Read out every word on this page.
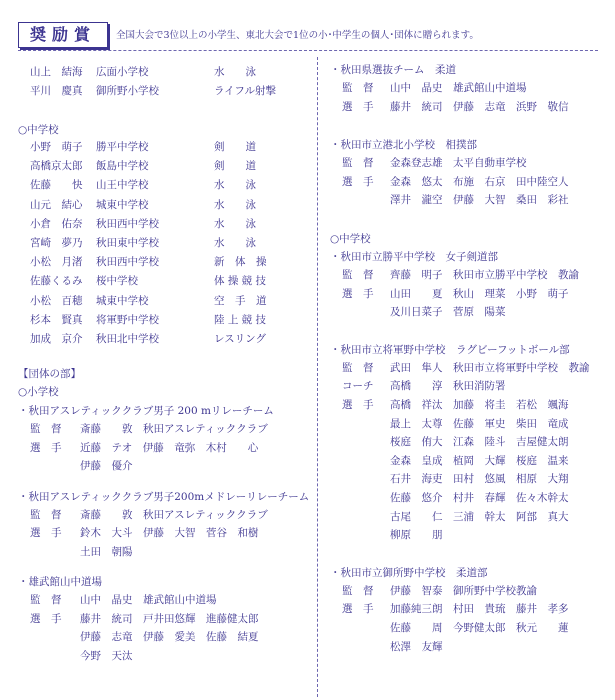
奨励賞	全国大会で3位以上の小学生、東北大会で1位の小･中学生の個人･団体に贈られます。
山上　結海 広面小学校	水　　泳
平川　慶真 御所野小学校	ライフル射撃
○中学校
小野　萌子 勝平中学校	剣　　道
高橋京太郎 飯島中学校	剣　　道
佐藤　　快 山王中学校	水　　泳
山元　結心 城東中学校	水　　泳
小倉　佑奈 秋田西中学校	水　　泳
宮崎　夢乃 秋田東中学校	水　　泳
小松　月渚 秋田西中学校	新　体　操
佐藤くるみ 桜中学校	体 操 競 技
小松　百穂 城東中学校	空　手　道
杉本　賢真 将軍野中学校	陸 上 競 技
加成　京介 秋田北中学校	レスリング
【団体の部】
○小学校
・秋田アスレティッククラブ男子 200 mリレーチーム
監　督 斎藤　　敦　秋田アスレティッククラブ
選　手 近藤　テオ　伊藤　竜弥　木村　　心
伊藤　優介
・秋田アスレティッククラブ男子200mメドレーリレーチーム
監　督 斎藤　　敦　秋田アスレティッククラブ
選　手 鈴木　大斗　伊藤　大智　菅谷　和樹
土田　朝陽
・雄武館山中道場
監　督 山中　晶史　雄武館山中道場
選　手 藤井　統司　戸井田悠輝　進藤健太郎
伊藤　志竜　伊藤　愛美　佐藤　結夏
今野　天汰
・秋田県選抜チーム　柔道
監　督 山中　晶史　雄武館山中道場
選　手 藤井　統司　伊藤　志竜　浜野　敬信
・秋田市立港北小学校　相撲部
監　督 金森登志雄　太平自動車学校
選　手 金森　悠太　布施　右京　田中陸空人
澤井　瀧空　伊藤　大智　桑田　彩社
○中学校
・秋田市立勝平中学校　女子剣道部
監　督 齊藤　明子　秋田市立勝平中学校　教諭
選　手 山田　　夏　秋山　理菜　小野　萌子
及川日菜子　菅原　陽菜
・秋田市立将軍野中学校　ラグビーフットボール部
監　督 武田　隼人　秋田市立将軍野中学校　教諭
コーチ 高橋　　淳　秋田消防署
選　手 高橋　祥汰　加藤　将圭　若松　颯海
最上　太尊　佐藤　軍史　柴田　竜成
桜庭　侑大　江森　陸斗　吉屋健太朗
金森　皇成　植岡　大輝　桜庭　温来
石井　海吏　田村　悠風　相原　大翔
佐藤　悠介　村井　春輝　佐々木幹太
古尾　　仁　三浦　幹太　阿部　真大
柳原　　朋
・秋田市立御所野中学校　柔道部
監　督 伊藤　智泰　御所野中学校教諭
選　手 加藤純三朗　村田　貴琉　藤井　孝多
佐藤　　周　今野健太郎　秋元　　蓮
松澤　友輝
